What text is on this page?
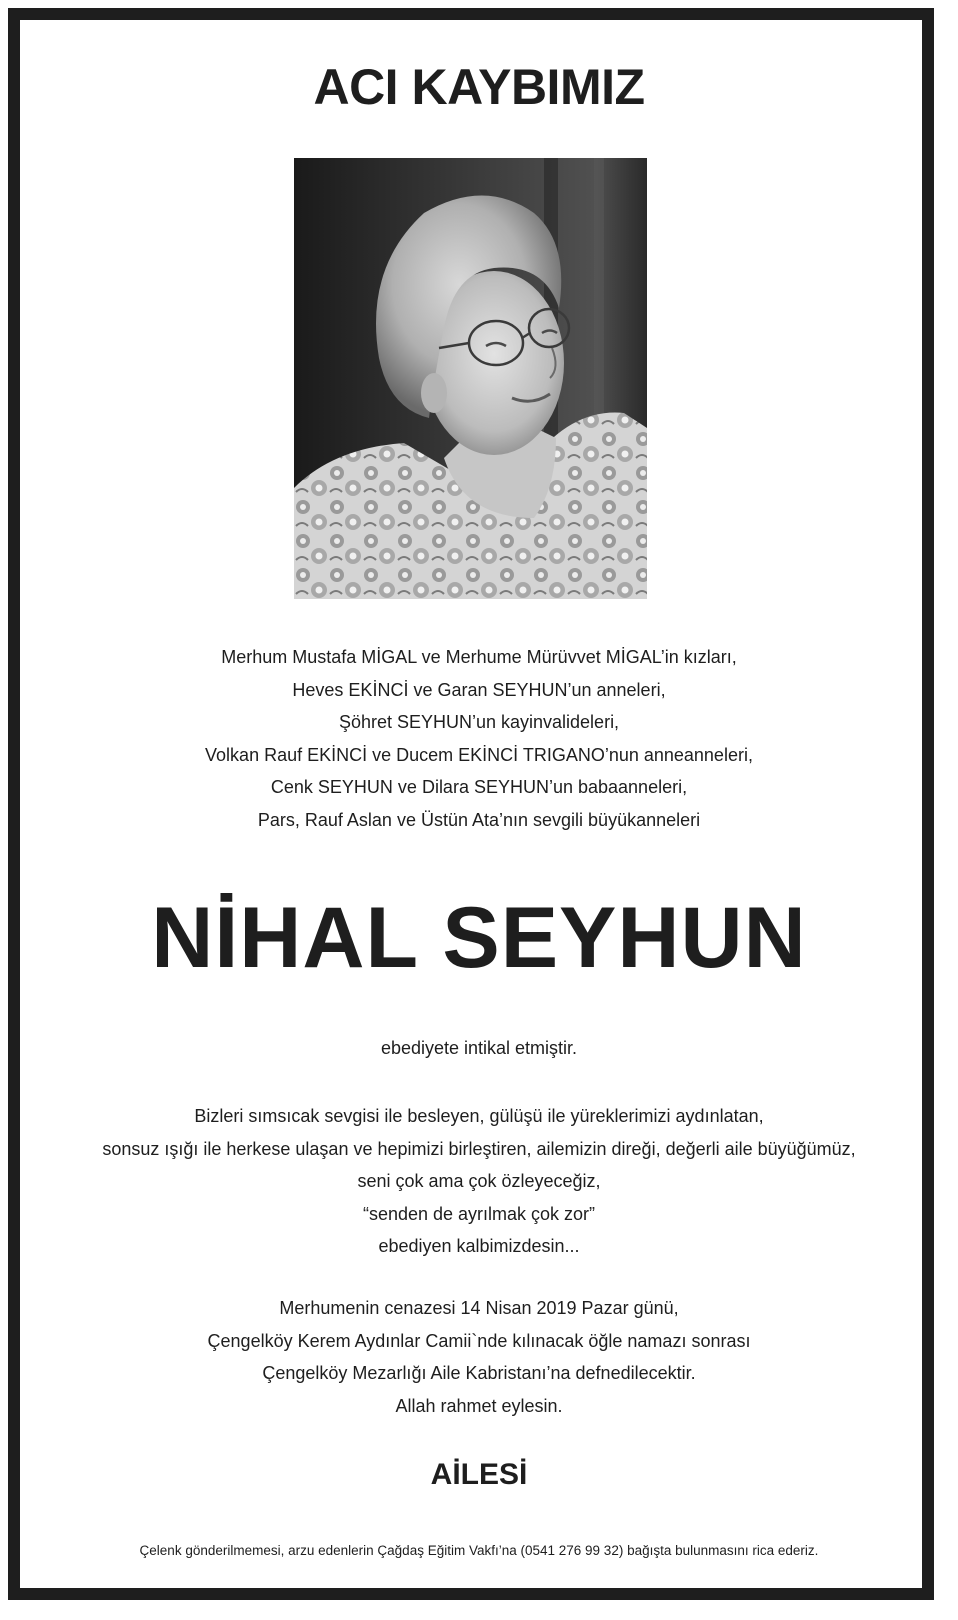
ACI KAYBIMIZ
Merhum Mustafa MİGAL ve Merhume Mürüvvet MİGAL’in kızları,
Heves EKİNCİ ve Garan SEYHUN’un anneleri,
Şöhret SEYHUN’un kayinvalideleri,
Volkan Rauf EKİNCİ ve Ducem EKİNCİ TRIGANO’nun anneanneleri,
Cenk SEYHUN ve Dilara SEYHUN’un babaanneleri,
Pars, Rauf Aslan ve Üstün Ata’nın sevgili büyükanneleri
NİHAL SEYHUN
ebediyete intikal etmiştir.
Bizleri sımsıcak sevgisi ile besleyen, gülüşü ile yüreklerimizi aydınlatan,
sonsuz ışığı ile herkese ulaşan ve hepimizi birleştiren, ailemizin direği, değerli aile büyüğümüz,
seni çok ama çok özleyeceğiz,
“senden de ayrılmak çok zor”
ebediyen kalbimizdesin...
Merhumenin cenazesi 14 Nisan 2019 Pazar günü,
Çengelköy Kerem Aydınlar Camii`nde kılınacak öğle namazı sonrası
Çengelköy Mezarlığı Aile Kabristanı’na defnedilecektir.
Allah rahmet eylesin.
AİLESİ
Çelenk gönderilmemesi, arzu edenlerin Çağdaş Eğitim Vakfı’na (0541 276 99 32) bağışta bulunmasını rica ederiz.
